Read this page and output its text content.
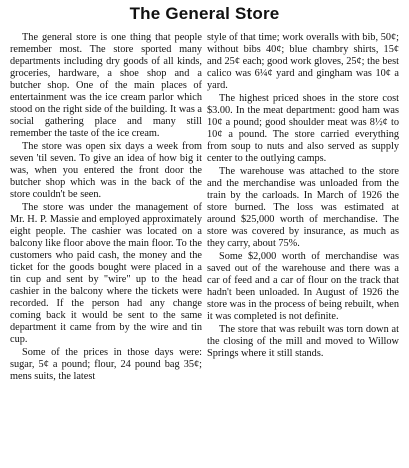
The General Store

The general store is one thing that people remember most. The store sported many departments including dry goods of all kinds, groceries, hardware, a shoe shop and a butcher shop. One of the main places of entertainment was the ice cream parlor which stood on the right side of the building. It was a social gathering place and many still remember the taste of the ice cream.

The store was open six days a week from seven 'til seven. To give an idea of how big it was, when you entered the front door the butcher shop which was in the back of the store couldn't be seen.

The store was under the management of Mr. H. P. Massie and employed approximately eight people. The cashier was located on a balcony like floor above the main floor. To the customers who paid cash, the money and the ticket for the goods bought were placed in a tin cup and sent by "wire" up to the head cashier in the balcony where the tickets were recorded. If the person had any change coming back it would be sent to the same department it came from by the wire and tin cup.

Some of the prices in those days were: sugar, 5¢ a pound; flour, 24 pound bag 35¢; mens suits, the latest

style of that time; work overalls with bib, 50¢; without bibs 40¢; blue chambry shirts, 15¢ and 25¢ each; good work gloves, 25¢; the best calico was 6¼¢ yard and gingham was 10¢ a yard.

The highest priced shoes in the store cost $3.00. In the meat department: good ham was 10¢ a pound; good shoulder meat was 8½¢ to 10¢ a pound. The store carried everything from soup to nuts and also served as supply center to the outlying camps.

The warehouse was attached to the store and the merchandise was unloaded from the train by the carloads. In March of 1926 the store burned. The loss was estimated at around $25,000 worth of merchandise. The store was covered by insurance, as much as they carry, about 75%.

Some $2,000 worth of merchandise was saved out of the warehouse and there was a car of feed and a car of flour on the track that hadn't been unloaded. In August of 1926 the store was in the process of being rebuilt, when it was completed is not definite.

The store that was rebuilt was torn down at the closing of the mill and moved to Willow Springs where it still stands.
